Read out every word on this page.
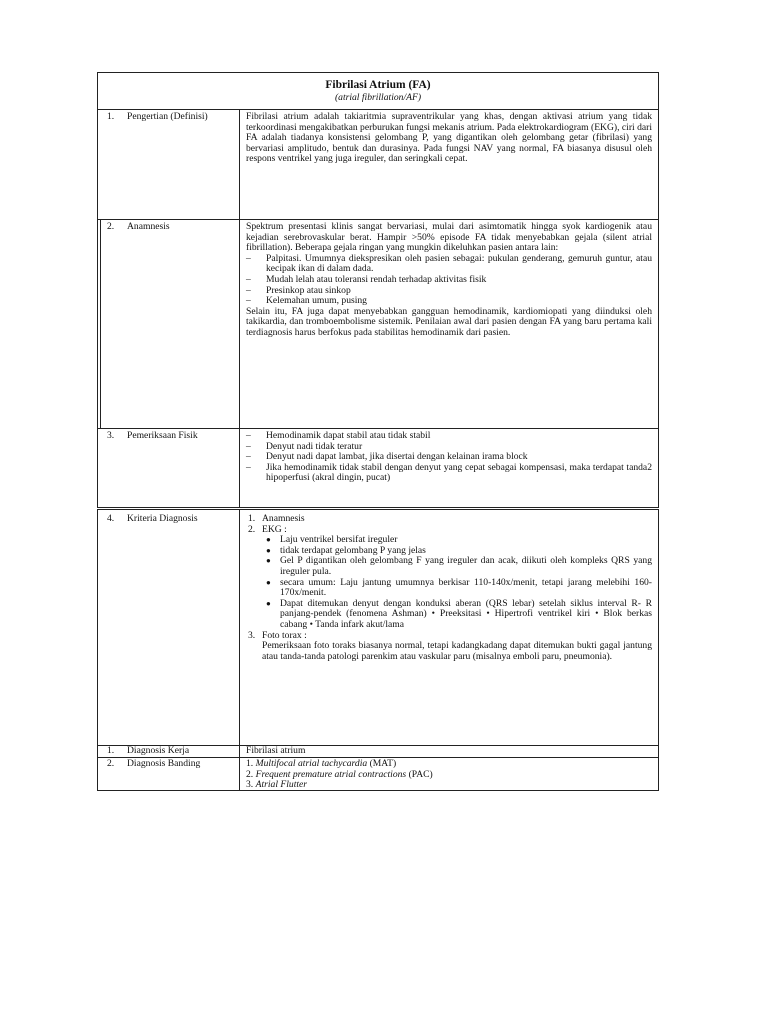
Fibrilasi Atrium (FA)
(atrial fibrillation/AF)
1. Pengertian (Definisi)	Fibrilasi atrium adalah takiaritmia supraventrikular yang khas, dengan aktivasi atrium yang tidak terkoordinasi mengakibatkan perburukan fungsi mekanis atrium. Pada elektrokardiogram (EKG), ciri dari FA adalah tiadanya konsistensi gelombang P, yang digantikan oleh gelombang getar (fibrilasi) yang bervariasi amplitudo, bentuk dan durasinya. Pada fungsi NAV yang normal, FA biasanya disusul oleh respons ventrikel yang juga ireguler, dan seringkali cepat.

2. Anamnesis	Spektrum presentasi klinis sangat bervariasi, mulai dari asimtomatik hingga syok kardiogenik atau kejadian serebrovaskular berat. Hampir >50% episode FA tidak menyebabkan gejala (silent atrial fibrillation). Beberapa gejala ringan yang mungkin dikeluhkan pasien antara lain:

–	Palpitasi. Umumnya diekspresikan oleh pasien sebagai: pukulan genderang, gemuruh guntur, atau kecipak ikan di dalam dada.
–	Mudah lelah atau toleransi rendah terhadap aktivitas fisik
–	Presinkop atau sinkop
–	Kelemahan umum, pusing

Selain itu, FA juga dapat menyebabkan gangguan hemodinamik, kardiomiopati yang diinduksi oleh takikardia, dan tromboembolisme sistemik. Penilaian awal dari pasien dengan FA yang baru pertama kali terdiagnosis harus berfokus pada stabilitas hemodinamik dari pasien.

3. Pemeriksaan Fisik	–	Hemodinamik dapat stabil atau tidak stabil
–	Denyut nadi tidak teratur
–	Denyut nadi dapat lambat, jika disertai dengan kelainan irama block
–	Jika hemodinamik tidak stabil dengan denyut yang cepat sebagai kompensasi, maka terdapat tanda2 hipoperfusi (akral dingin, pucat)
4. Kriteria Diagnosis	1. Anamnesis
2. EKG :
● Laju ventrikel bersifat ireguler
● tidak terdapat gelombang P yang jelas
● Gel P digantikan oleh gelombang F yang ireguler dan acak, diikuti oleh kompleks QRS yang ireguler pula.
● secara umum: Laju jantung umumnya berkisar 110-140x/menit, tetapi jarang melebihi 160-170x/menit.
● Dapat ditemukan denyut dengan konduksi aberan (QRS lebar) setelah siklus interval R- R panjang-pendek (fenomena Ashman) • Preeksitasi • Hipertrofi ventrikel kiri • Blok berkas cabang • Tanda infark akut/lama
3. Foto torax :
Pemeriksaan foto toraks biasanya normal, tetapi kadangkadang dapat ditemukan bukti gagal jantung atau tanda-tanda patologi parenkim atau vaskular paru (misalnya emboli paru, pneumonia).
1. Diagnosis Kerja	Fibrilasi atrium
2. Diagnosis Banding	1. Multifocal atrial tachycardia (MAT)
2. Frequent premature atrial contractions (PAC)
3. Atrial Flutter
